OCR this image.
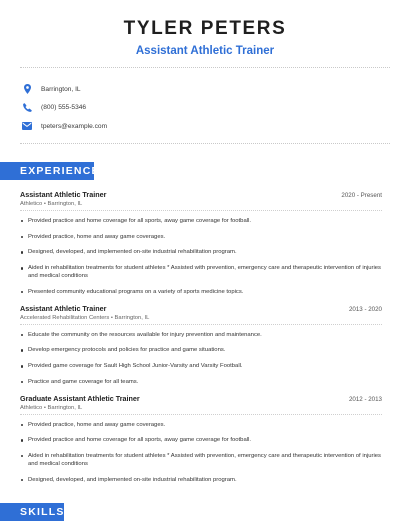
TYLER PETERS
Assistant Athletic Trainer
Barrington, IL
(800) 555-5346
tpeters@example.com
EXPERIENCE
Assistant Athletic Trainer	2020 - Present
Athletico • Barrington, IL
Provided practice and home coverage for all sports, away game coverage for football.
Provided practice, home and away game coverages.
Designed, developed, and implemented on-site industrial rehabilitation program.
Aided in rehabilitation treatments for student athletes * Assisted with prevention, emergency care and therapeutic intervention of injuries and medical conditions
Presented community educational programs on a variety of sports medicine topics.
Assistant Athletic Trainer	2013 - 2020
Accelerated Rehabilitation Centers • Barrington, IL
Educate the community on the resources available for injury prevention and maintenance.
Develop emergency protocols and policies for practice and game situations.
Provided game coverage for Sault High School Junior-Varsity and Varsity Football.
Practice and game coverage for all teams.
Graduate Assistant Athletic Trainer	2012 - 2013
Athletico • Barrington, IL
Provided practice, home and away game coverages.
Provided practice and home coverage for all sports, away game coverage for football.
Aided in rehabilitation treatments for student athletes * Assisted with prevention, emergency care and therapeutic intervention of injuries and medical conditions
Designed, developed, and implemented on-site industrial rehabilitation program.
SKILLS
